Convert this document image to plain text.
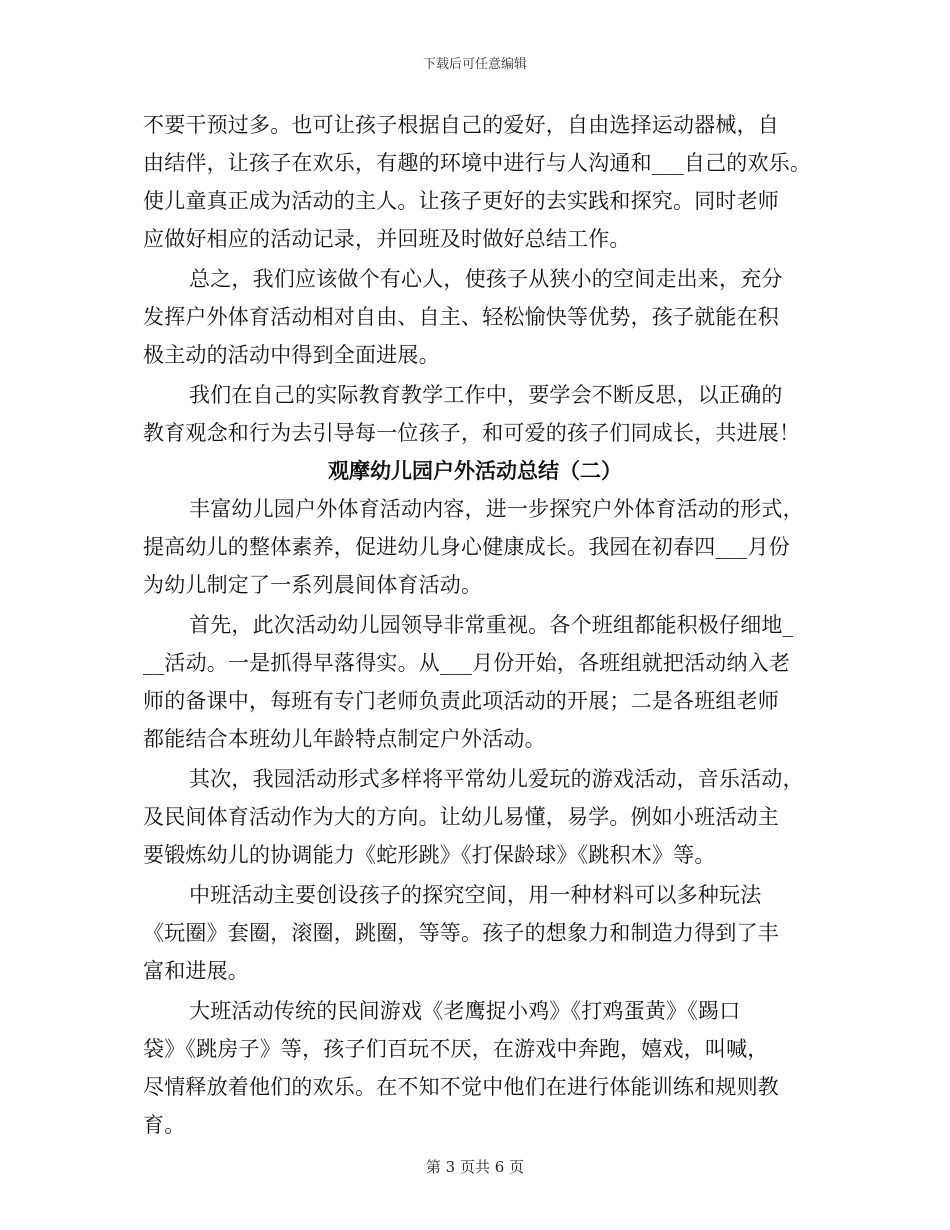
下载后可任意编辑
不要干预过多。也可让孩子根据自己的爱好，自由选择运动器械，自
由结伴，让孩子在欢乐，有趣的环境中进行与人沟通和___自己的欢乐。
使儿童真正成为活动的主人。让孩子更好的去实践和探究。同时老师
应做好相应的活动记录，并回班及时做好总结工作。
总之，我们应该做个有心人，使孩子从狭小的空间走出来，充分
发挥户外体育活动相对自由、自主、轻松愉快等优势，孩子就能在积
极主动的活动中得到全面进展。
我们在自己的实际教育教学工作中，要学会不断反思，以正确的
教育观念和行为去引导每一位孩子，和可爱的孩子们同成长，共进展！
观摩幼儿园户外活动总结（二）
丰富幼儿园户外体育活动内容，进一步探究户外体育活动的形式，
提高幼儿的整体素养，促进幼儿身心健康成长。我园在初春四___月份
为幼儿制定了一系列晨间体育活动。
首先，此次活动幼儿园领导非常重视。各个班组都能积极仔细地_
__活动。一是抓得早落得实。从___月份开始，各班组就把活动纳入老
师的备课中，每班有专门老师负责此项活动的开展；二是各班组老师
都能结合本班幼儿年龄特点制定户外活动。
其次，我园活动形式多样将平常幼儿爱玩的游戏活动，音乐活动，
及民间体育活动作为大的方向。让幼儿易懂，易学。例如小班活动主
要锻炼幼儿的协调能力《蛇形跳》《打保龄球》《跳积木》等。
中班活动主要创设孩子的探究空间，用一种材料可以多种玩法
《玩圈》套圈，滚圈，跳圈，等等。孩子的想象力和制造力得到了丰
富和进展。
大班活动传统的民间游戏《老鹰捉小鸡》《打鸡蛋黄》《踢口
袋》《跳房子》等，孩子们百玩不厌，在游戏中奔跑，嬉戏，叫喊，
尽情释放着他们的欢乐。在不知不觉中他们在进行体能训练和规则教
育。
第 3 页共 6 页
